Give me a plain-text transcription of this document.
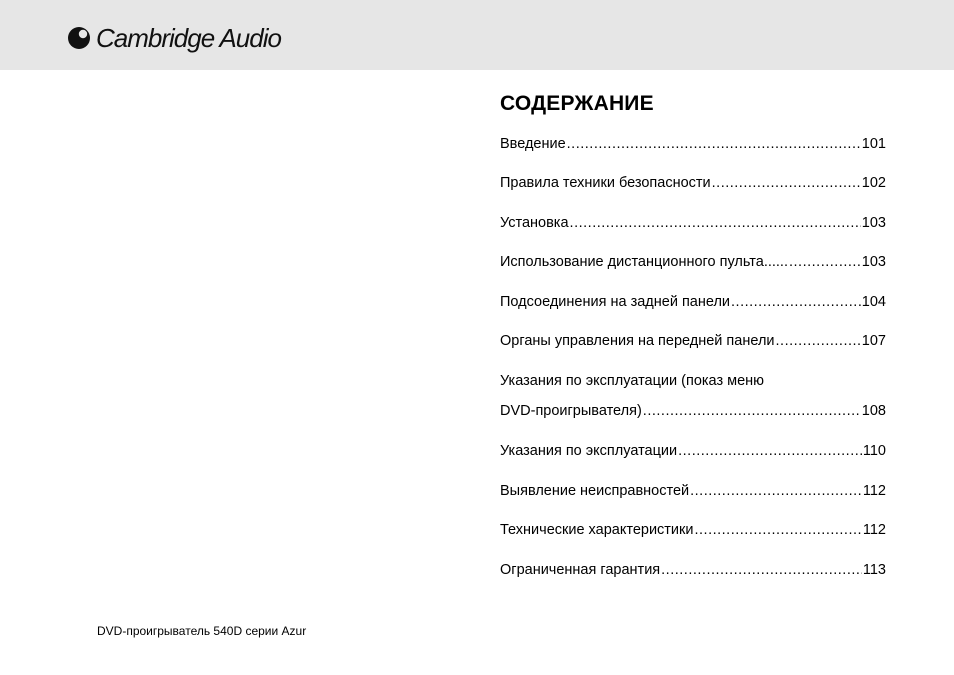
Cambridge Audio
СОДЕРЖАНИЕ
Введение .....	101
Правила техники безопасности .....	102
Установка .....	103
Использование дистанционного пульта...... .....	103
Подсоединения на задней панели .....	104
Органы управления на передней панели .....	107
Указания по эксплуатации (показ меню
DVD-проигрывателя) .....	108
Указания по эксплуатации .....	110
Выявление неисправностей .....	112
Технические характеристики .....	112
Ограниченная гарантия .....	113
DVD-проигрыватель 540D серии Azur
